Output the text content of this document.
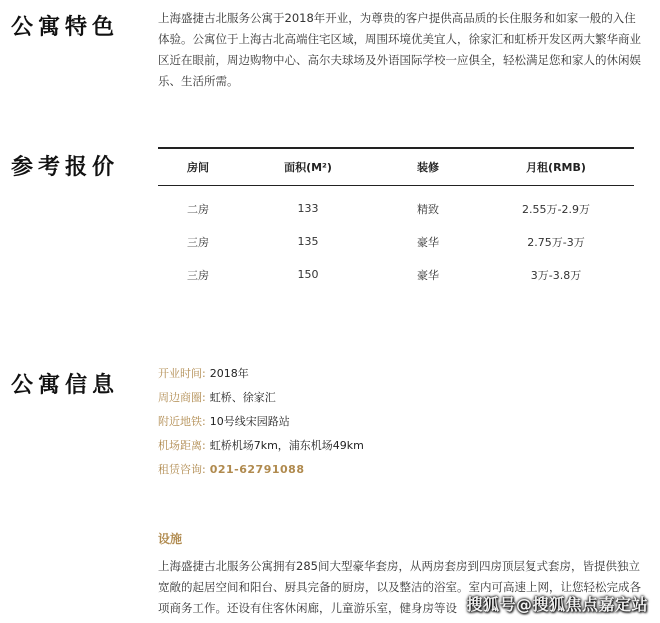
公寓特色	上海盛捷古北服务公寓于2018年开业，为尊贵的客户提供高品质的长住服务和如家一般的入住体验。公寓位于上海古北高端住宅区域，周围环境优美宜人，徐家汇和虹桥开发区两大繁华商业区近在眼前，周边购物中心、高尔夫球场及外语国际学校一应俱全，轻松满足您和家人的休闲娱乐、生活所需。

参考报价	房间	面积(M²)	装修	月租(RMB)
二房	133	精致	2.55万-2.9万
三房	135	豪华	2.75万-3万
三房	150	豪华	3万-3.8万
公寓信息	开业时间: 2018年
周边商圈: 虹桥、徐家汇
附近地铁: 10号线宋园路站
机场距离: 虹桥机场7km，浦东机场49km
租赁咨询: 021-62791088
设施

上海盛捷古北服务公寓拥有285间大型豪华套房，从两房套房到四房顶层复式套房，皆提供独立宽敞的起居空间和阳台、厨具完备的厨房，以及整洁的浴室。室内可高速上网，让您轻松完成各项商务工作。还设有住客休闲廊，儿童游乐室，健身房等设 搜狐号@搜狐焦点嘉定站
